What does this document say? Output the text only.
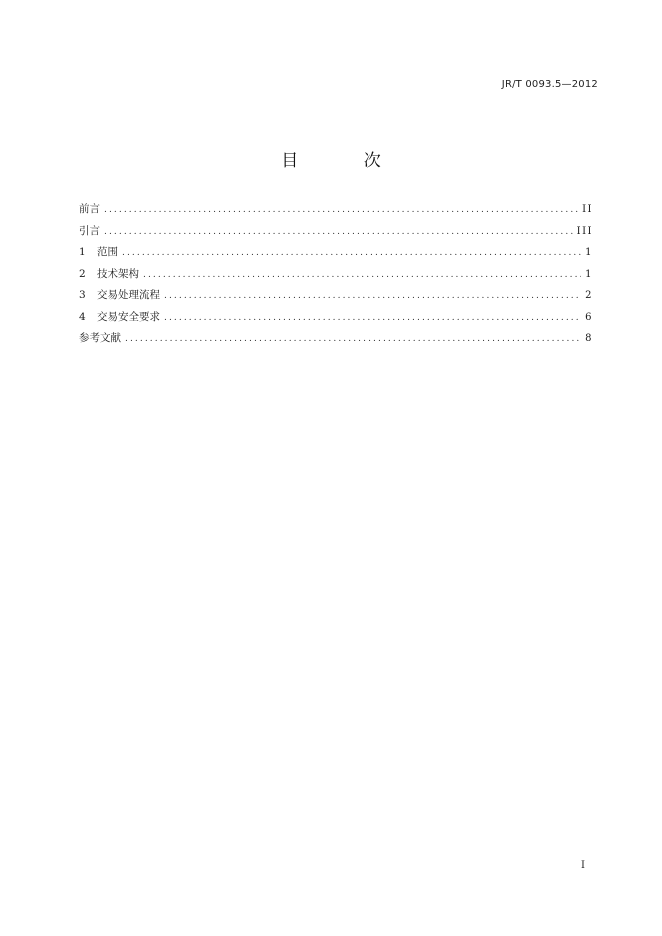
JR/T 0093.5—2012
目 次
前言 .....	II
引言 .....	III
1	范围 .....	1
2	技术架构 .....	1
3	交易处理流程 .....	2
4	交易安全要求 .....	6
参考文献 .....	8
I
